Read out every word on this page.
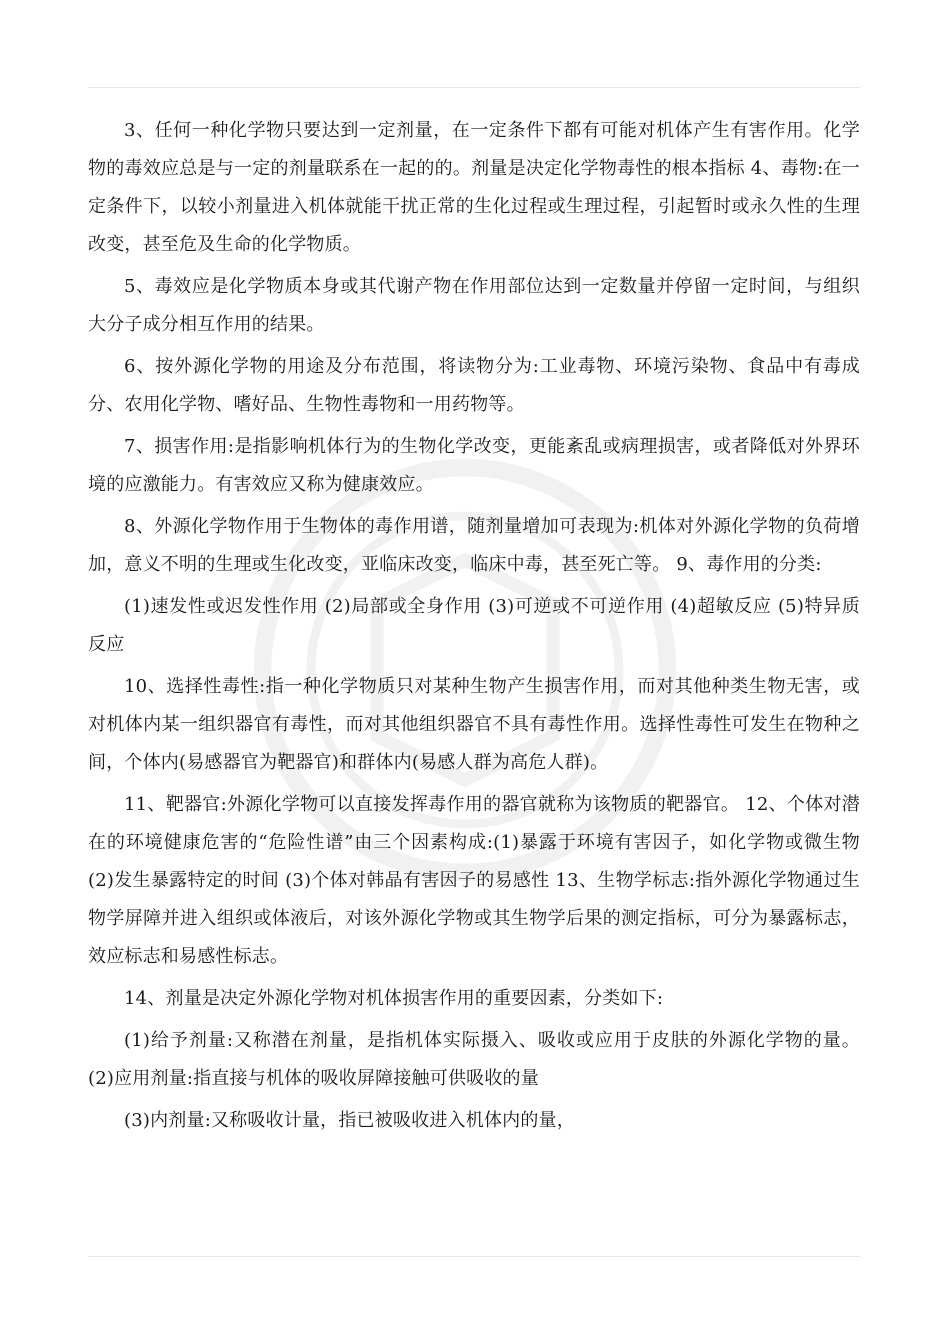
3、任何一种化学物只要达到一定剂量，在一定条件下都有可能对机体产生有害作用。化学物的毒效应总是与一定的剂量联系在一起的的。剂量是决定化学物毒性的根本指标 4、毒物:在一定条件下，以较小剂量进入机体就能干扰正常的生化过程或生理过程，引起暂时或永久性的生理改变，甚至危及生命的化学物质。

5、毒效应是化学物质本身或其代谢产物在作用部位达到一定数量并停留一定时间，与组织大分子成分相互作用的结果。

6、按外源化学物的用途及分布范围，将读物分为:工业毒物、环境污染物、食品中有毒成分、农用化学物、嗜好品、生物性毒物和一用药物等。

7、损害作用:是指影响机体行为的生物化学改变，更能紊乱或病理损害，或者降低对外界环境的应激能力。有害效应又称为健康效应。

8、外源化学物作用于生物体的毒作用谱，随剂量增加可表现为:机体对外源化学物的负荷增加，意义不明的生理或生化改变，亚临床改变，临床中毒，甚至死亡等。 9、毒作用的分类:

(1)速发性或迟发性作用 (2)局部或全身作用 (3)可逆或不可逆作用 (4)超敏反应 (5)特异质反应

10、选择性毒性:指一种化学物质只对某种生物产生损害作用，而对其他种类生物无害，或对机体内某一组织器官有毒性，而对其他组织器官不具有毒性作用。选择性毒性可发生在物种之间，个体内(易感器官为靶器官)和群体内(易感人群为高危人群)。

11、靶器官:外源化学物可以直接发挥毒作用的器官就称为该物质的靶器官。 12、个体对潜在的环境健康危害的“危险性谱”由三个因素构成:(1)暴露于环境有害因子，如化学物或微生物 (2)发生暴露特定的时间 (3)个体对韩晶有害因子的易感性 13、生物学标志:指外源化学物通过生物学屏障并进入组织或体液后，对该外源化学物或其生物学后果的测定指标，可分为暴露标志，效应标志和易感性标志。

14、剂量是决定外源化学物对机体损害作用的重要因素，分类如下:

(1)给予剂量:又称潜在剂量，是指机体实际摄入、吸收或应用于皮肤的外源化学物的量。 (2)应用剂量:指直接与机体的吸收屏障接触可供吸收的量

(3)内剂量:又称吸收计量，指已被吸收进入机体内的量，
